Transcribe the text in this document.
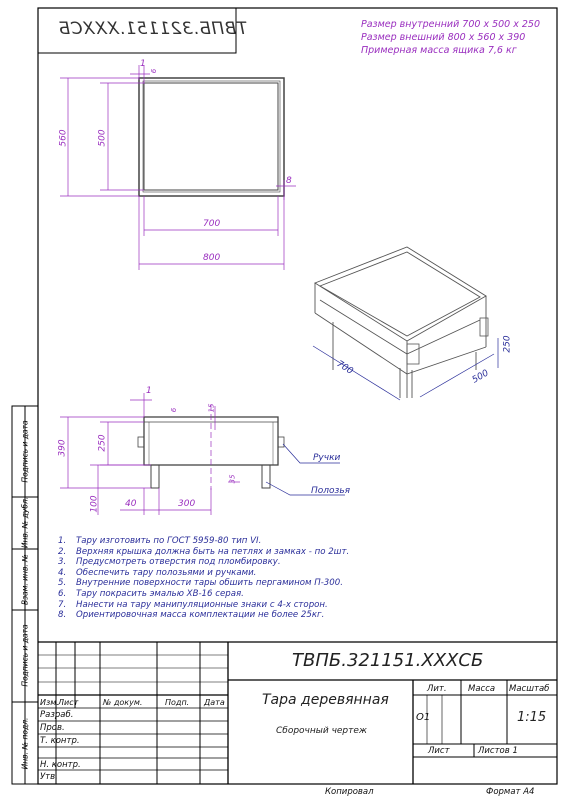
ТВПБ.321151.XXXСБ	Размер внутренний 700 х 500 х 250
Размер внешний 800 х 560 х 390
Примерная масса ящика 7,6 кг
1
6
560	500
8
700
800
700
500
250
1
6	15
390	250
100	40	300
35
Ручки
Полозья
1. Тару изготовить по ГОСТ 5959-80 тип VI.
2. Верхняя крышка должна быть на петлях и замках - по 2шт.
3. Предусмотреть отверстия под пломбировку.
4. Обеспечить тару полозьями и ручками.
5. Внутренние поверхности тары обшить пергамином П-300.
6. Тару покрасить эмалью ХВ-16 серая.
7. Нанести на тару манипуляционные знаки с 4-х сторон.
8. Ориентировочная масса комплектации не более 25кг.
Подпись и дата
Инв. № дубл.
Взам. инв. №
Подпись и дата
Инв. № подл.
ТВПБ.321151.XXXСБ
Тара деревянная
Сборочный чертеж
Изм. Лист	№ докум.	Подп. Дата
Разраб.
Пров.
Т. контр.
Н. контр.
Утв.
Лит.	Масса Масштаб
О1	1:15
Лист	Листов 1
Копировал	Формат А4
